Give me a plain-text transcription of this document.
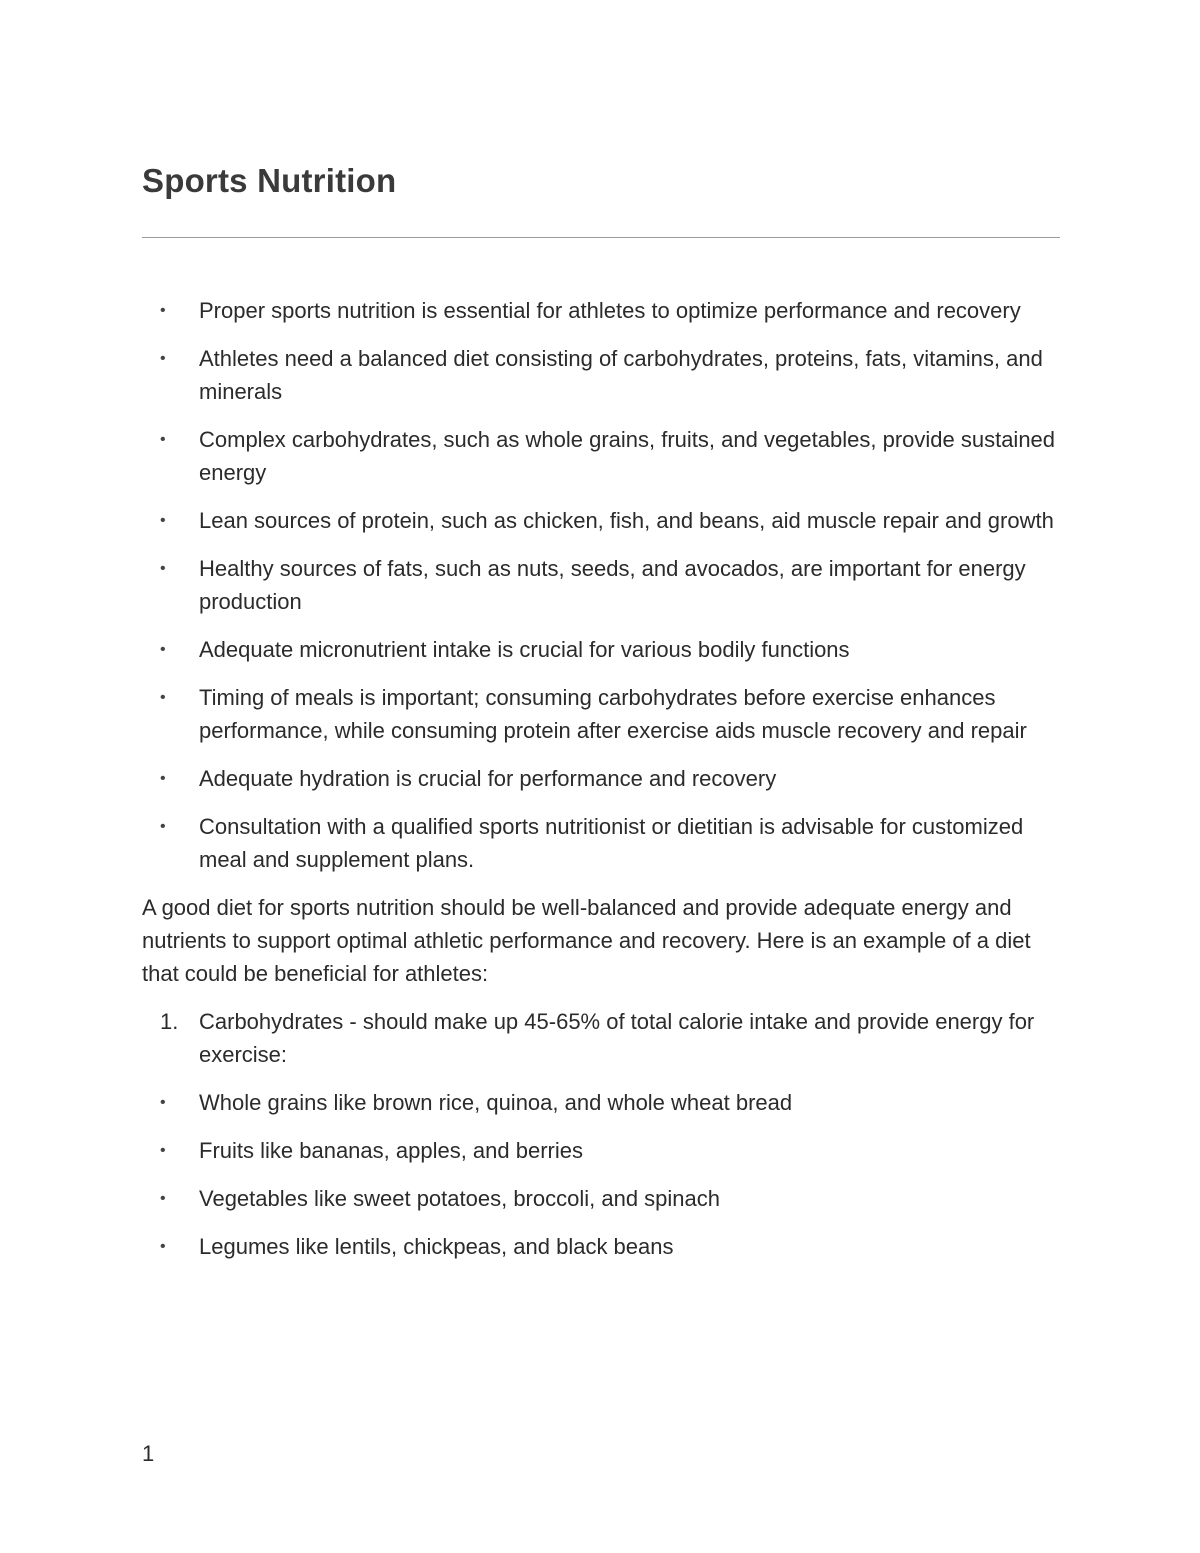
Sports Nutrition
• Proper sports nutrition is essential for athletes to optimize performance and recovery
• Athletes need a balanced diet consisting of carbohydrates, proteins, fats, vitamins, and minerals
• Complex carbohydrates, such as whole grains, fruits, and vegetables, provide sustained energy
• Lean sources of protein, such as chicken, fish, and beans, aid muscle repair and growth
• Healthy sources of fats, such as nuts, seeds, and avocados, are important for energy production
• Adequate micronutrient intake is crucial for various bodily functions
• Timing of meals is important; consuming carbohydrates before exercise enhances performance, while consuming protein after exercise aids muscle recovery and repair
• Adequate hydration is crucial for performance and recovery
• Consultation with a qualified sports nutritionist or dietitian is advisable for customized meal and supplement plans.

A good diet for sports nutrition should be well-balanced and provide adequate energy and nutrients to support optimal athletic performance and recovery. Here is an example of a diet that could be beneficial for athletes:

1. Carbohydrates - should make up 45-65% of total calorie intake and provide energy for exercise:
• Whole grains like brown rice, quinoa, and whole wheat bread
• Fruits like bananas, apples, and berries
• Vegetables like sweet potatoes, broccoli, and spinach
• Legumes like lentils, chickpeas, and black beans
1
